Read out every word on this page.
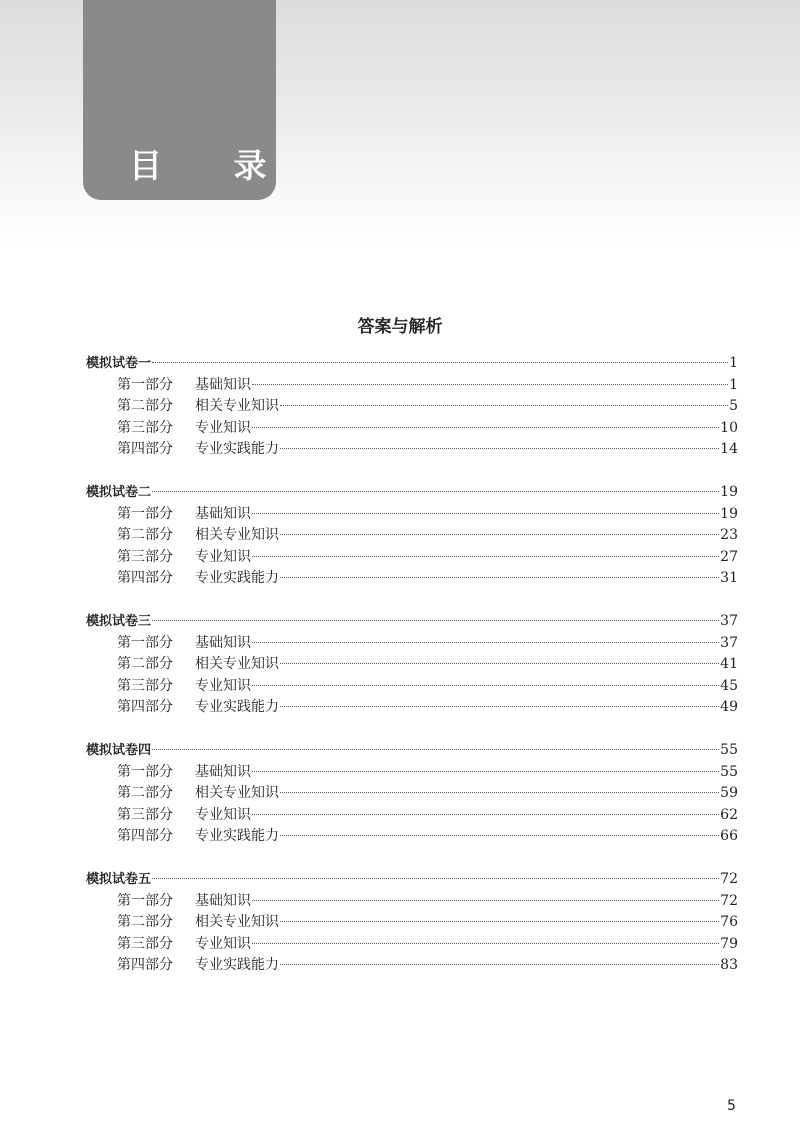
目 录
答案与解析
模拟试卷一	1
第一部分	基础知识	1
第二部分	相关专业知识	5
第三部分	专业知识	10
第四部分	专业实践能力	14
模拟试卷二	19
第一部分	基础知识	19
第二部分	相关专业知识	23
第三部分	专业知识	27
第四部分	专业实践能力	31
模拟试卷三	37
第一部分	基础知识	37
第二部分	相关专业知识	41
第三部分	专业知识	45
第四部分	专业实践能力	49
模拟试卷四	55
第一部分	基础知识	55
第二部分	相关专业知识	59
第三部分	专业知识	62
第四部分	专业实践能力	66
模拟试卷五	72
第一部分	基础知识	72
第二部分	相关专业知识	76
第三部分	专业知识	79
第四部分	专业实践能力	83
5
